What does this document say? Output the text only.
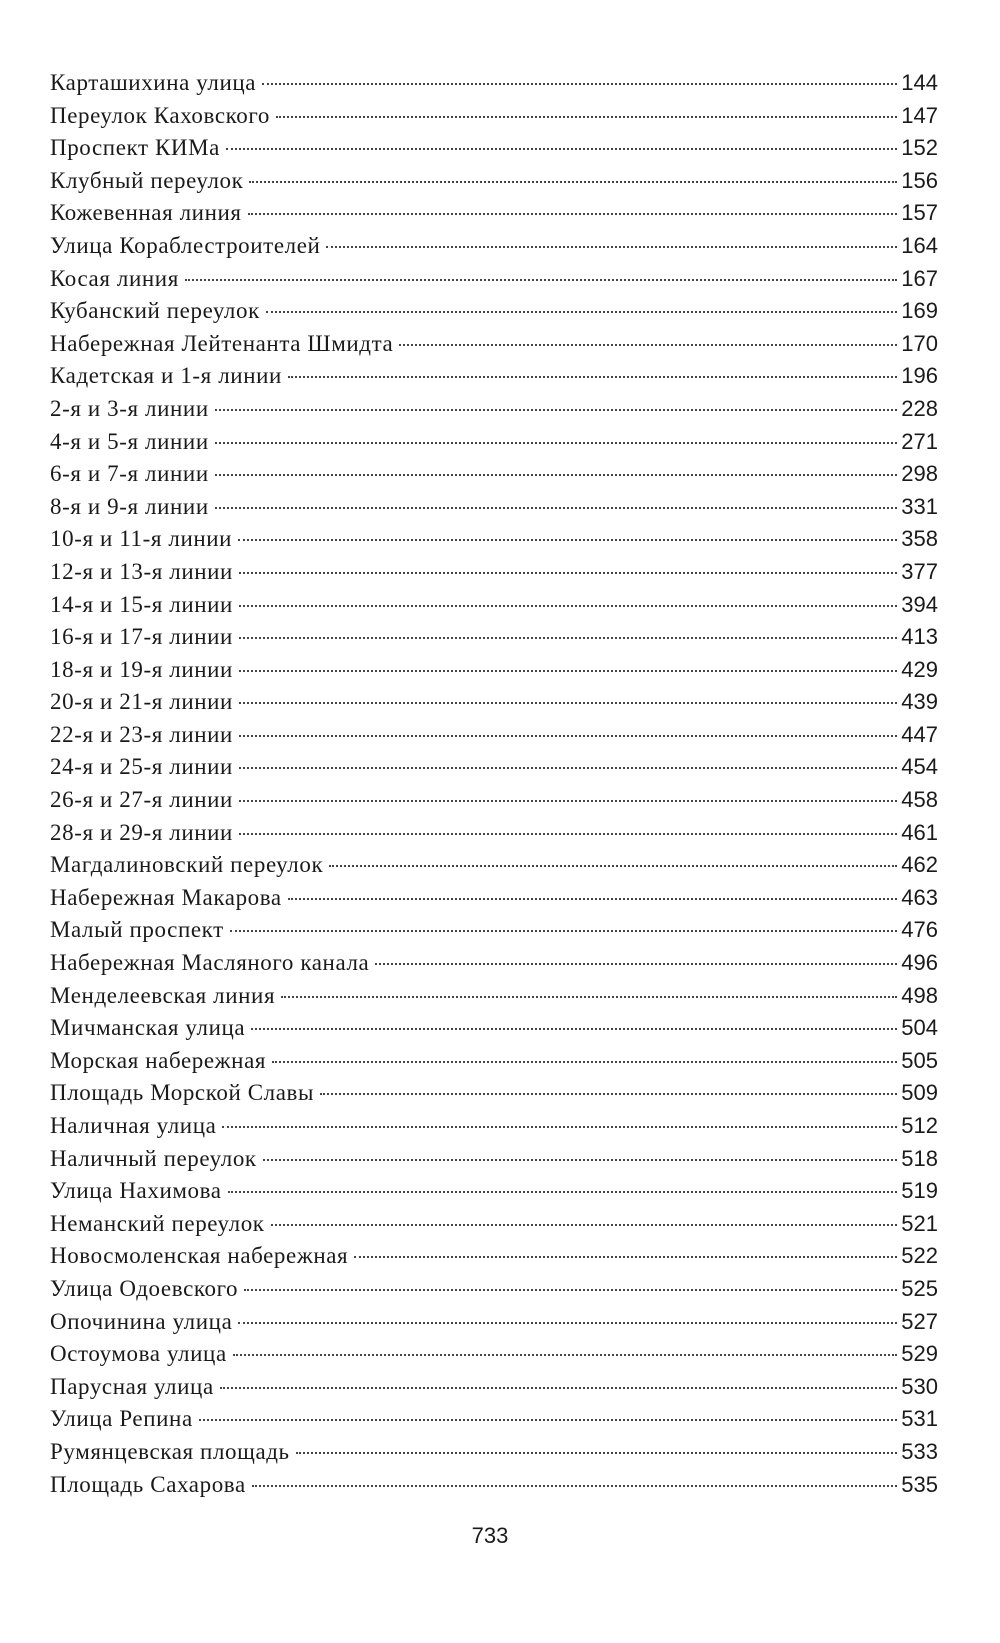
Карташихина улица	144
Переулок Каховского	147
Проспект КИМа	152
Клубный переулок	156
Кожевенная линия	157
Улица Кораблестроителей	164
Косая линия	167
Кубанский переулок	169
Набережная Лейтенанта Шмидта	170
Кадетская и 1-я линии	196
2-я и 3-я линии	228
4-я и 5-я линии	271
6-я и 7-я линии	298
8-я и 9-я линии	331
10-я и 11-я линии	358
12-я и 13-я линии	377
14-я и 15-я линии	394
16-я и 17-я линии	413
18-я и 19-я линии	429
20-я и 21-я линии	439
22-я и 23-я линии	447
24-я и 25-я линии	454
26-я и 27-я линии	458
28-я и 29-я линии	461
Магдалиновский переулок	462
Набережная Макарова	463
Малый проспект	476
Набережная Масляного канала	496
Менделеевская линия	498
Мичманская улица	504
Морская набережная	505
Площадь Морской Славы	509
Наличная улица	512
Наличный переулок	518
Улица Нахимова	519
Неманский переулок	521
Новосмоленская набережная	522
Улица Одоевского	525
Опочинина улица	527
Остоумова улица	529
Парусная улица	530
Улица Репина	531
Румянцевская площадь	533
Площадь Сахарова	535
733
